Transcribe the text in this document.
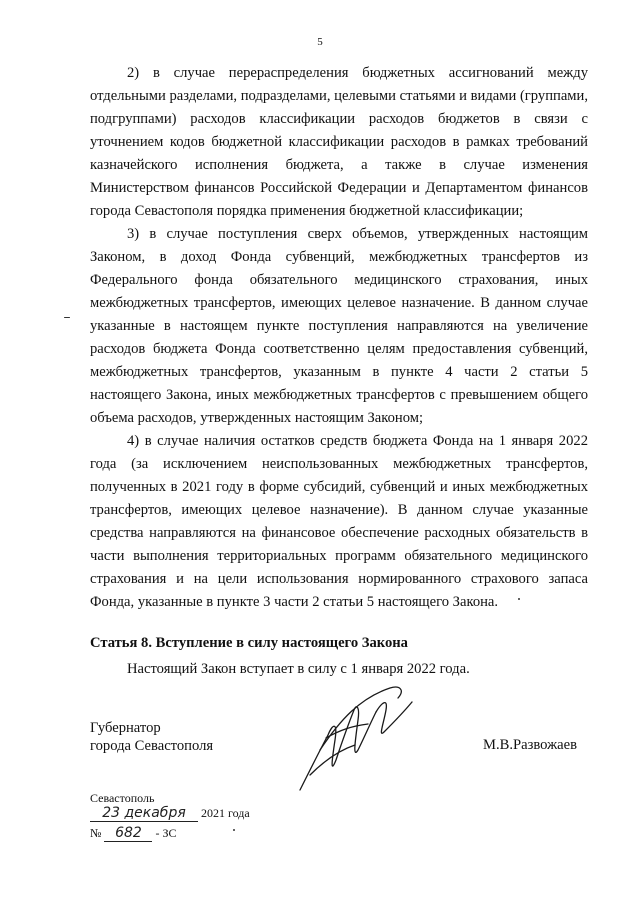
5

2) в случае перераспределения бюджетных ассигнований между отдельными разделами, подразделами, целевыми статьями и видами (группами, подгруппами) расходов классификации расходов бюджетов в связи с уточнением кодов бюджетной классификации расходов в рамках требований казначейского исполнения бюджета, а также в случае изменения Министерством финансов Российской Федерации и Департаментом финансов города Севастополя порядка применения бюджетной классификации;

3) в случае поступления сверх объемов, утвержденных настоящим Законом, в доход Фонда субвенций, межбюджетных трансфертов из Федерального фонда обязательного медицинского страхования, иных межбюджетных трансфертов, имеющих целевое назначение. В данном случае указанные в настоящем пункте поступления направляются на увеличение расходов бюджета Фонда соответственно целям предоставления субвенций, межбюджетных трансфертов, указанным в пункте 4 части 2 статьи 5 настоящего Закона, иных межбюджетных трансфертов с превышением общего объема расходов, утвержденных настоящим Законом;

4) в случае наличия остатков средств бюджета Фонда на 1 января 2022 года (за исключением неиспользованных межбюджетных трансфертов, полученных в 2021 году в форме субсидий, субвенций и иных межбюджетных трансфертов, имеющих целевое назначение). В данном случае указанные средства направляются на финансовое обеспечение расходных обязательств в части выполнения территориальных программ обязательного медицинского страхования и на цели использования нормированного страхового запаса Фонда, указанные в пункте 3 части 2 статьи 5 настоящего Закона.

Статья 8. Вступление в силу настоящего Закона
Настоящий Закон вступает в силу с 1 января 2022 года.
Губернатор
города Севастополя	М.В.Развожаев
Севастополь
23 декабря 2021 года
№ 682 - ЗС
